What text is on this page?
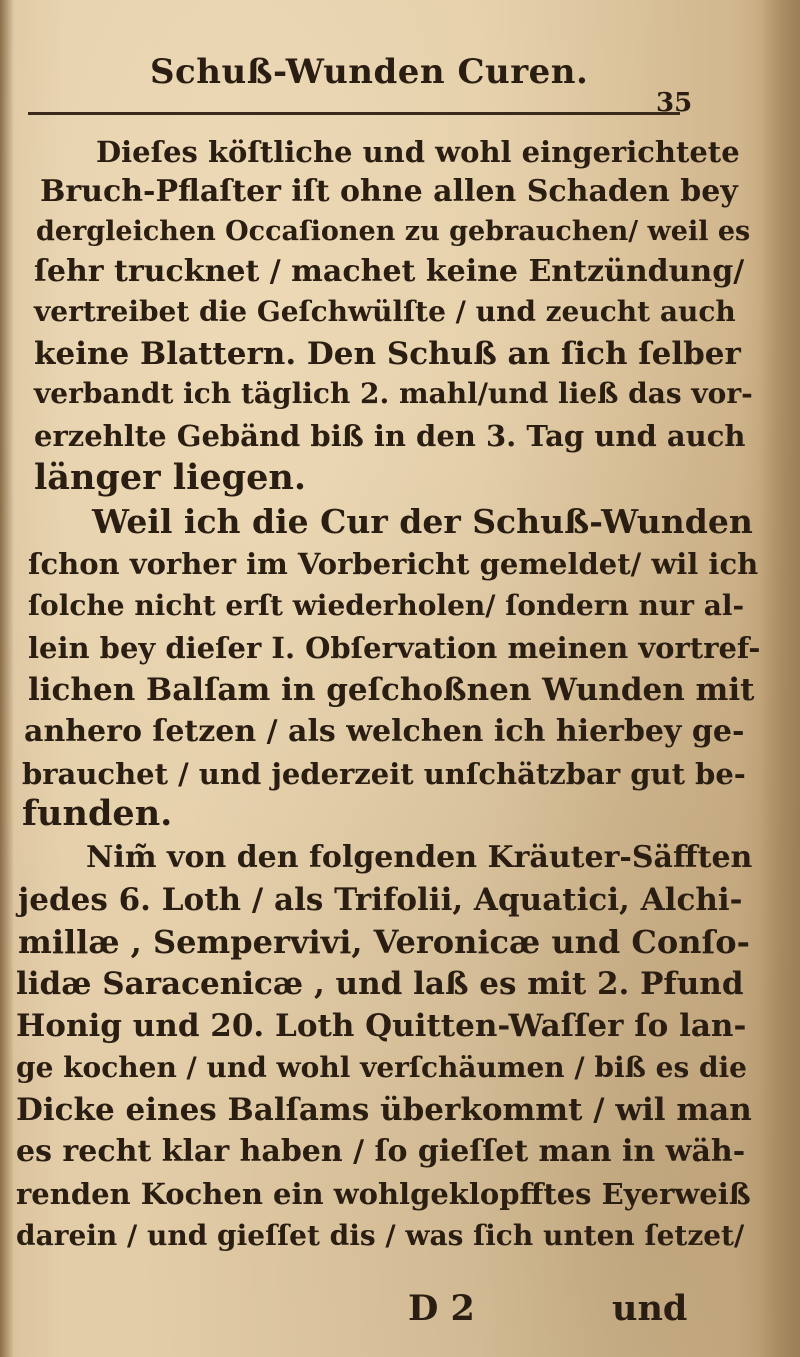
Schuß-Wunden Curen.
35
Dieſes köſtliche und wohl eingerichtete
Bruch-Pflaſter iſt ohne allen Schaden bey
dergleichen Occaſionen zu gebrauchen/ weil es
ſehr trucknet / machet keine Entzündung/
vertreibet die Geſchwülſte / und zeucht auch
keine Blattern. Den Schuß an ſich ſelber
verbandt ich täglich 2. mahl/und ließ das vor-
erzehlte Gebänd biß in den 3. Tag und auch
länger liegen.
Weil ich die Cur der Schuß-Wunden
ſchon vorher im Vorbericht gemeldet/ wil ich
ſolche nicht erſt wiederholen/ ſondern nur al-
lein bey dieſer I. Obſervation meinen vortref-
lichen Balſam in geſchoßnen Wunden mit
anhero ſetzen / als welchen ich hierbey ge-
brauchet / und jederzeit unſchätzbar gut be-
funden.
Nim̃ von den folgenden Kräuter-Säfften
jedes 6. Loth / als Trifolii, Aquatici, Alchi-
millæ , Sempervivi, Veronicæ und Conſo-
lidæ Saracenicæ , und laß es mit 2. Pfund
Honig und 20. Loth Quitten-Waſſer ſo lan-
ge kochen / und wohl verſchäumen / biß es die
Dicke eines Balſams überkommt / wil man
es recht klar haben / ſo gieſſet man in wäh-
renden Kochen ein wohlgeklopfftes Eyerweiß
darein / und gieſſet dis / was ſich unten ſetzet/
D 2	und
